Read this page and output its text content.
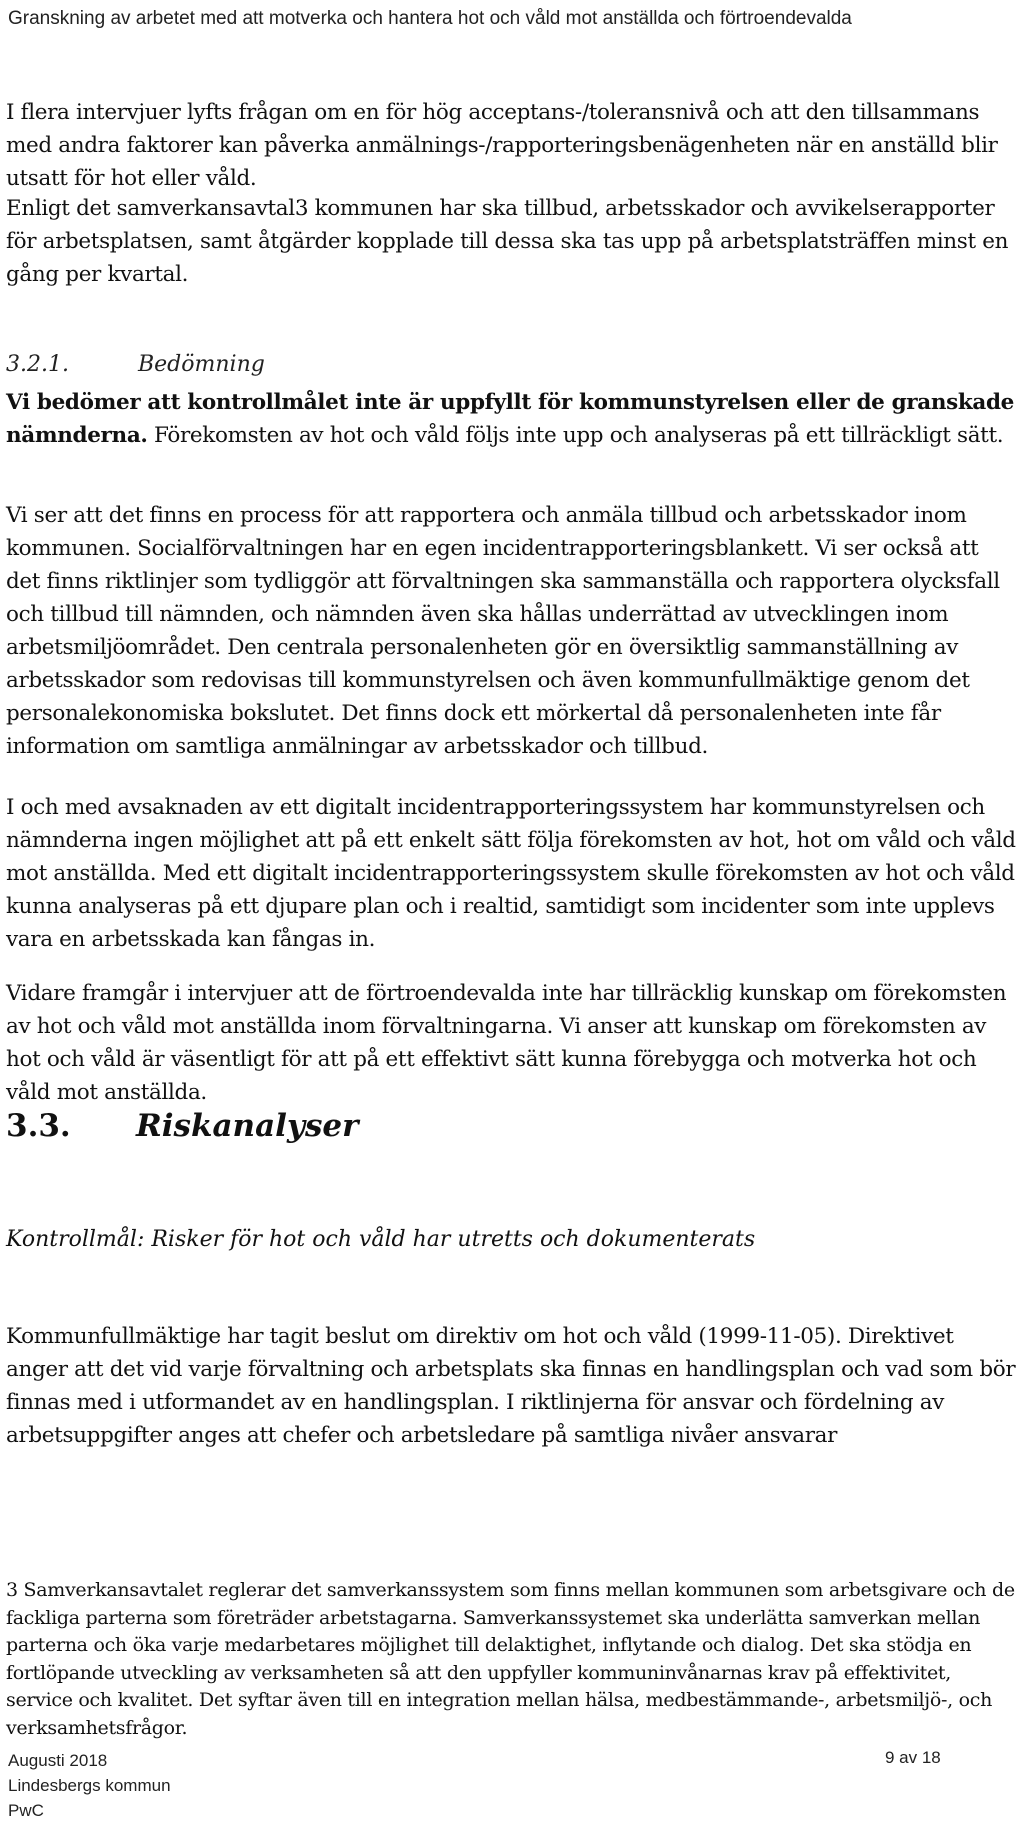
Granskning av arbetet med att motverka och hantera hot och våld mot anställda och förtroendevalda

I flera intervjuer lyfts frågan om en för hög acceptans-/toleransnivå och att den tillsammans med andra faktorer kan påverka anmälnings-/rapporteringsbenägenheten när en anställd blir utsatt för hot eller våld.

Enligt det samverkansavtal3 kommunen har ska tillbud, arbetsskador och avvikelserapporter för arbetsplatsen, samt åtgärder kopplade till dessa ska tas upp på arbetsplatsträffen minst en gång per kvartal.

3.2.1.	Bedömning

Vi bedömer att kontrollmålet inte är uppfyllt för kommunstyrelsen eller de granskade nämnderna. Förekomsten av hot och våld följs inte upp och analyseras på ett tillräckligt sätt.

Vi ser att det finns en process för att rapportera och anmäla tillbud och arbetsskador inom kommunen. Socialförvaltningen har en egen incidentrapporteringsblankett. Vi ser också att det finns riktlinjer som tydliggör att förvaltningen ska sammanställa och rapportera olycksfall och tillbud till nämnden, och nämnden även ska hållas underrättad av utvecklingen inom arbetsmiljöområdet. Den centrala personalenheten gör en översiktlig sammanställning av arbetsskador som redovisas till kommunstyrelsen och även kommunfullmäktige genom det personalekonomiska bokslutet. Det finns dock ett mörkertal då personalenheten inte får information om samtliga anmälningar av arbetsskador och tillbud.

I och med avsaknaden av ett digitalt incidentrapporteringssystem har kommunstyrelsen och nämnderna ingen möjlighet att på ett enkelt sätt följa förekomsten av hot, hot om våld och våld mot anställda. Med ett digitalt incidentrapporteringssystem skulle förekomsten av hot och våld kunna analyseras på ett djupare plan och i realtid, samtidigt som incidenter som inte upplevs vara en arbetsskada kan fångas in.

Vidare framgår i intervjuer att de förtroendevalda inte har tillräcklig kunskap om förekomsten av hot och våld mot anställda inom förvaltningarna. Vi anser att kunskap om förekomsten av hot och våld är väsentligt för att på ett effektivt sätt kunna förebygga och motverka hot och våld mot anställda.

3.3. Riskanalyser
Kontrollmål: Risker för hot och våld har utretts och dokumenterats

Kommunfullmäktige har tagit beslut om direktiv om hot och våld (1999-11-05). Direktivet anger att det vid varje förvaltning och arbetsplats ska finnas en handlingsplan och vad som bör finnas med i utformandet av en handlingsplan. I riktlinjerna för ansvar och fördelning av arbetsuppgifter anges att chefer och arbetsledare på samtliga nivåer ansvarar

3 Samverkansavtalet reglerar det samverkanssystem som finns mellan kommunen som arbetsgivare och de fackliga parterna som företräder arbetstagarna. Samverkanssystemet ska underlätta samverkan mellan parterna och öka varje medarbetares möjlighet till delaktighet, inflytande och dialog. Det ska stödja en fortlöpande utveckling av verksamheten så att den uppfyller kommuninvånarnas krav på effektivitet, service och kvalitet. Det syftar även till en integration mellan hälsa, medbestämmande-, arbetsmiljö-, och verksamhetsfrågor.

Augusti 2018
Lindesbergs kommun
PwC
9 av 18
